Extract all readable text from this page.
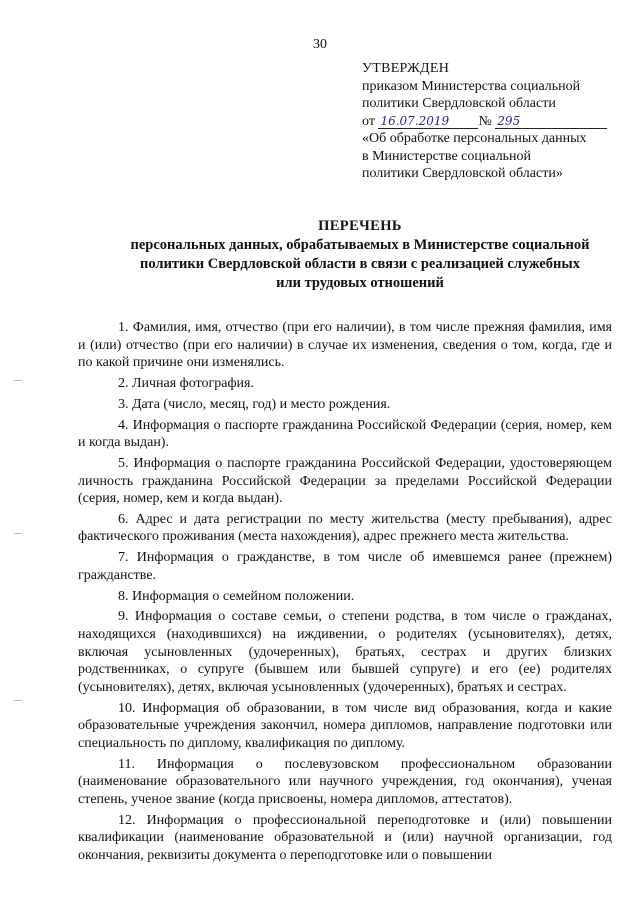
30
УТВЕРЖДЕН
приказом Министерства социальной
политики Свердловской области
от 16.07.2019 № 295
«Об обработке персональных данных
в Министерстве социальной
политики Свердловской области»
ПЕРЕЧЕНЬ
персональных данных, обрабатываемых в Министерстве социальной
политики Свердловской области в связи с реализацией служебных
или трудовых отношений

1. Фамилия, имя, отчество (при его наличии), в том числе прежняя фамилия, имя и (или) отчество (при его наличии) в случае их изменения, сведения о том, когда, где и по какой причине они изменялись.

2. Личная фотография.

3. Дата (число, месяц, год) и место рождения.

4. Информация о паспорте гражданина Российской Федерации (серия, номер, кем и когда выдан).

5. Информация о паспорте гражданина Российской Федерации, удостоверяющем личность гражданина Российской Федерации за пределами Российской Федерации (серия, номер, кем и когда выдан).

6. Адрес и дата регистрации по месту жительства (месту пребывания), адрес фактического проживания (места нахождения), адрес прежнего места жительства.

7. Информация о гражданстве, в том числе об имевшемся ранее (прежнем) гражданстве.

8. Информация о семейном положении.

9. Информация о составе семьи, о степени родства, в том числе о гражданах, находящихся (находившихся) на иждивении, о родителях (усыновителях), детях, включая усыновленных (удочеренных), братьях, сестрах и других близких родственниках, о супруге (бывшем или бывшей супруге) и его (ее) родителях (усыновителях), детях, включая усыновленных (удочеренных), братьях и сестрах.

10. Информация об образовании, в том числе вид образования, когда и какие образовательные учреждения закончил, номера дипломов, направление подготовки или специальность по диплому, квалификация по диплому.

11. Информация о послевузовском профессиональном образовании (наименование образовательного или научного учреждения, год окончания), ученая степень, ученое звание (когда присвоены, номера дипломов, аттестатов).

12. Информация о профессиональной переподготовке и (или) повышении квалификации (наименование образовательной и (или) научной организации, год окончания, реквизиты документа о переподготовке или о повышении
